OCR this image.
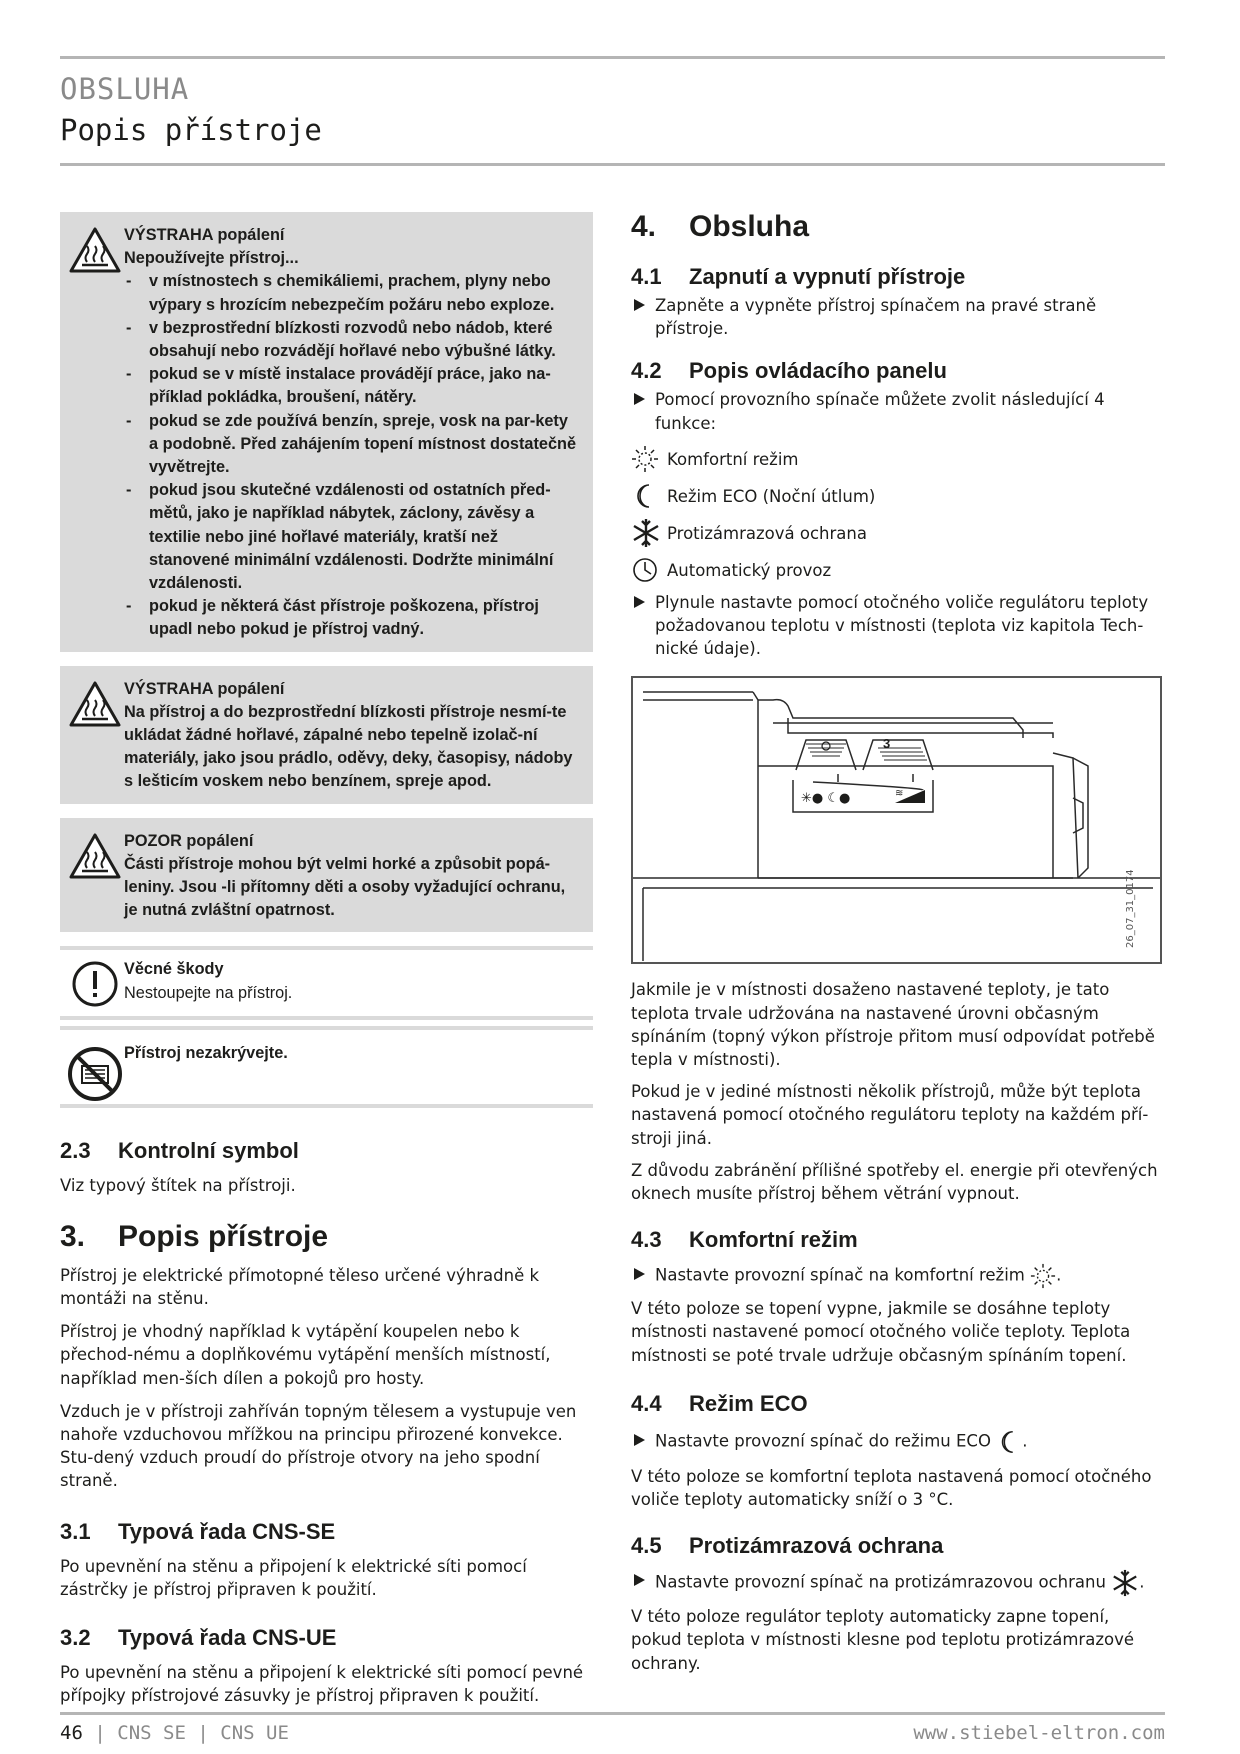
OBSLUHA
Popis přístroje
VÝSTRAHA popálení
Nepoužívejte přístroj...
- v místnostech s chemikáliemi, prachem, plyny nebo výpary s hrozícím nebezpečím požáru nebo exploze.
- v bezprostřední blízkosti rozvodů nebo nádob, které obsahují nebo rozvádějí hořlavé nebo výbušné látky.
- pokud se v místě instalace provádějí práce, jako na-příklad pokládka, broušení, nátěry.
- pokud se zde používá benzín, spreje, vosk na par-kety a podobně. Před zahájením topení místnost dostatečně vyvětrejte.
- pokud jsou skutečné vzdálenosti od ostatních před-mětů, jako je například nábytek, záclony, závěsy a textilie nebo jiné hořlavé materiály, kratší než stanovené minimální vzdálenosti. Dodržte minimální vzdálenosti.
- pokud je některá část přístroje poškozena, přístroj upadl nebo pokud je přístroj vadný.
VÝSTRAHA popálení
Na přístroj a do bezprostřední blízkosti přístroje nesmí-te ukládat žádné hořlavé, zápalné nebo tepelně izolač-ní materiály, jako jsou prádlo, oděvy, deky, časopisy, nádoby s lešticím voskem nebo benzínem, spreje apod.
POZOR popálení
Části přístroje mohou být velmi horké a způsobit popá-leniny. Jsou -li přítomny děti a osoby vyžadující ochranu, je nutná zvláštní opatrnost.
Věcné škody
Nestoupejte na přístroj.
Přístroj nezakrývejte.
2.3	Kontrolní symbol

Viz typový štítek na přístroji.

3.	Popis přístroje

Přístroj je elektrické přímotopné těleso určené výhradně k montáži na stěnu.

Přístroj je vhodný například k vytápění koupelen nebo k přechod-nému a doplňkovému vytápění menších místností, například men-ších dílen a pokojů pro hosty.

Vzduch je v přístroji zahříván topným tělesem a vystupuje ven nahoře vzduchovou mřížkou na principu přirozené konvekce. Stu-dený vzduch proudí do přístroje otvory na jeho spodní straně.

3.1	Typová řada CNS-SE

Po upevnění na stěnu a připojení k elektrické síti pomocí zástrčky je přístroj připraven k použití.

3.2	Typová řada CNS-UE

Po upevnění na stěnu a připojení k elektrické síti pomocí pevné přípojky přístrojové zásuvky je přístroj připraven k použití.

4.	Obsluha
4.1	Zapnutí a vypnutí přístroje
Zapněte a vypněte přístroj spínačem na pravé straně přístroje.
4.2	Popis ovládacího panelu
Pomocí provozního spínače můžete zvolit následující 4 funkce:
Komfortní režim
Režim ECO (Noční útlum)
Protizámrazová ochrana
Automatický provoz
Plynule nastavte pomocí otočného voliče regulátoru teploty požadovanou teplotu v místnosti (teplota viz kapitola Tech-nické údaje).
3
✳● ☾●	≋
26_07_31_0174

Jakmile je v místnosti dosaženo nastavené teploty, je tato teplota trvale udržována na nastavené úrovni občasným spínáním (topný výkon přístroje přitom musí odpovídat potřebě tepla v místnosti).

Pokud je v jediné místnosti několik přístrojů, může být teplota nastavená pomocí otočného regulátoru teploty na každém pří-stroji jiná.

Z důvodu zabránění přílišné spotřeby el. energie při otevřených oknech musíte přístroj během větrání vypnout.

4.3	Komfortní režim
Nastavte provozní spínač na komfortní režim .

V této poloze se topení vypne, jakmile se dosáhne teploty místnosti nastavené pomocí otočného voliče teploty. Teplota místnosti se poté trvale udržuje občasným spínáním topení.

4.4	Režim ECO
Nastavte provozní spínač do režimu ECO .

V této poloze se komfortní teplota nastavená pomocí otočného voliče teploty automaticky sníží o 3 °C.

4.5	Protizámrazová ochrana
Nastavte provozní spínač na protizámrazovou ochranu .

V této poloze regulátor teploty automaticky zapne topení, pokud teplota v místnosti klesne pod teplotu protizámrazové ochrany.

46 | CNS SE | CNS UE	www.stiebel-eltron.com
